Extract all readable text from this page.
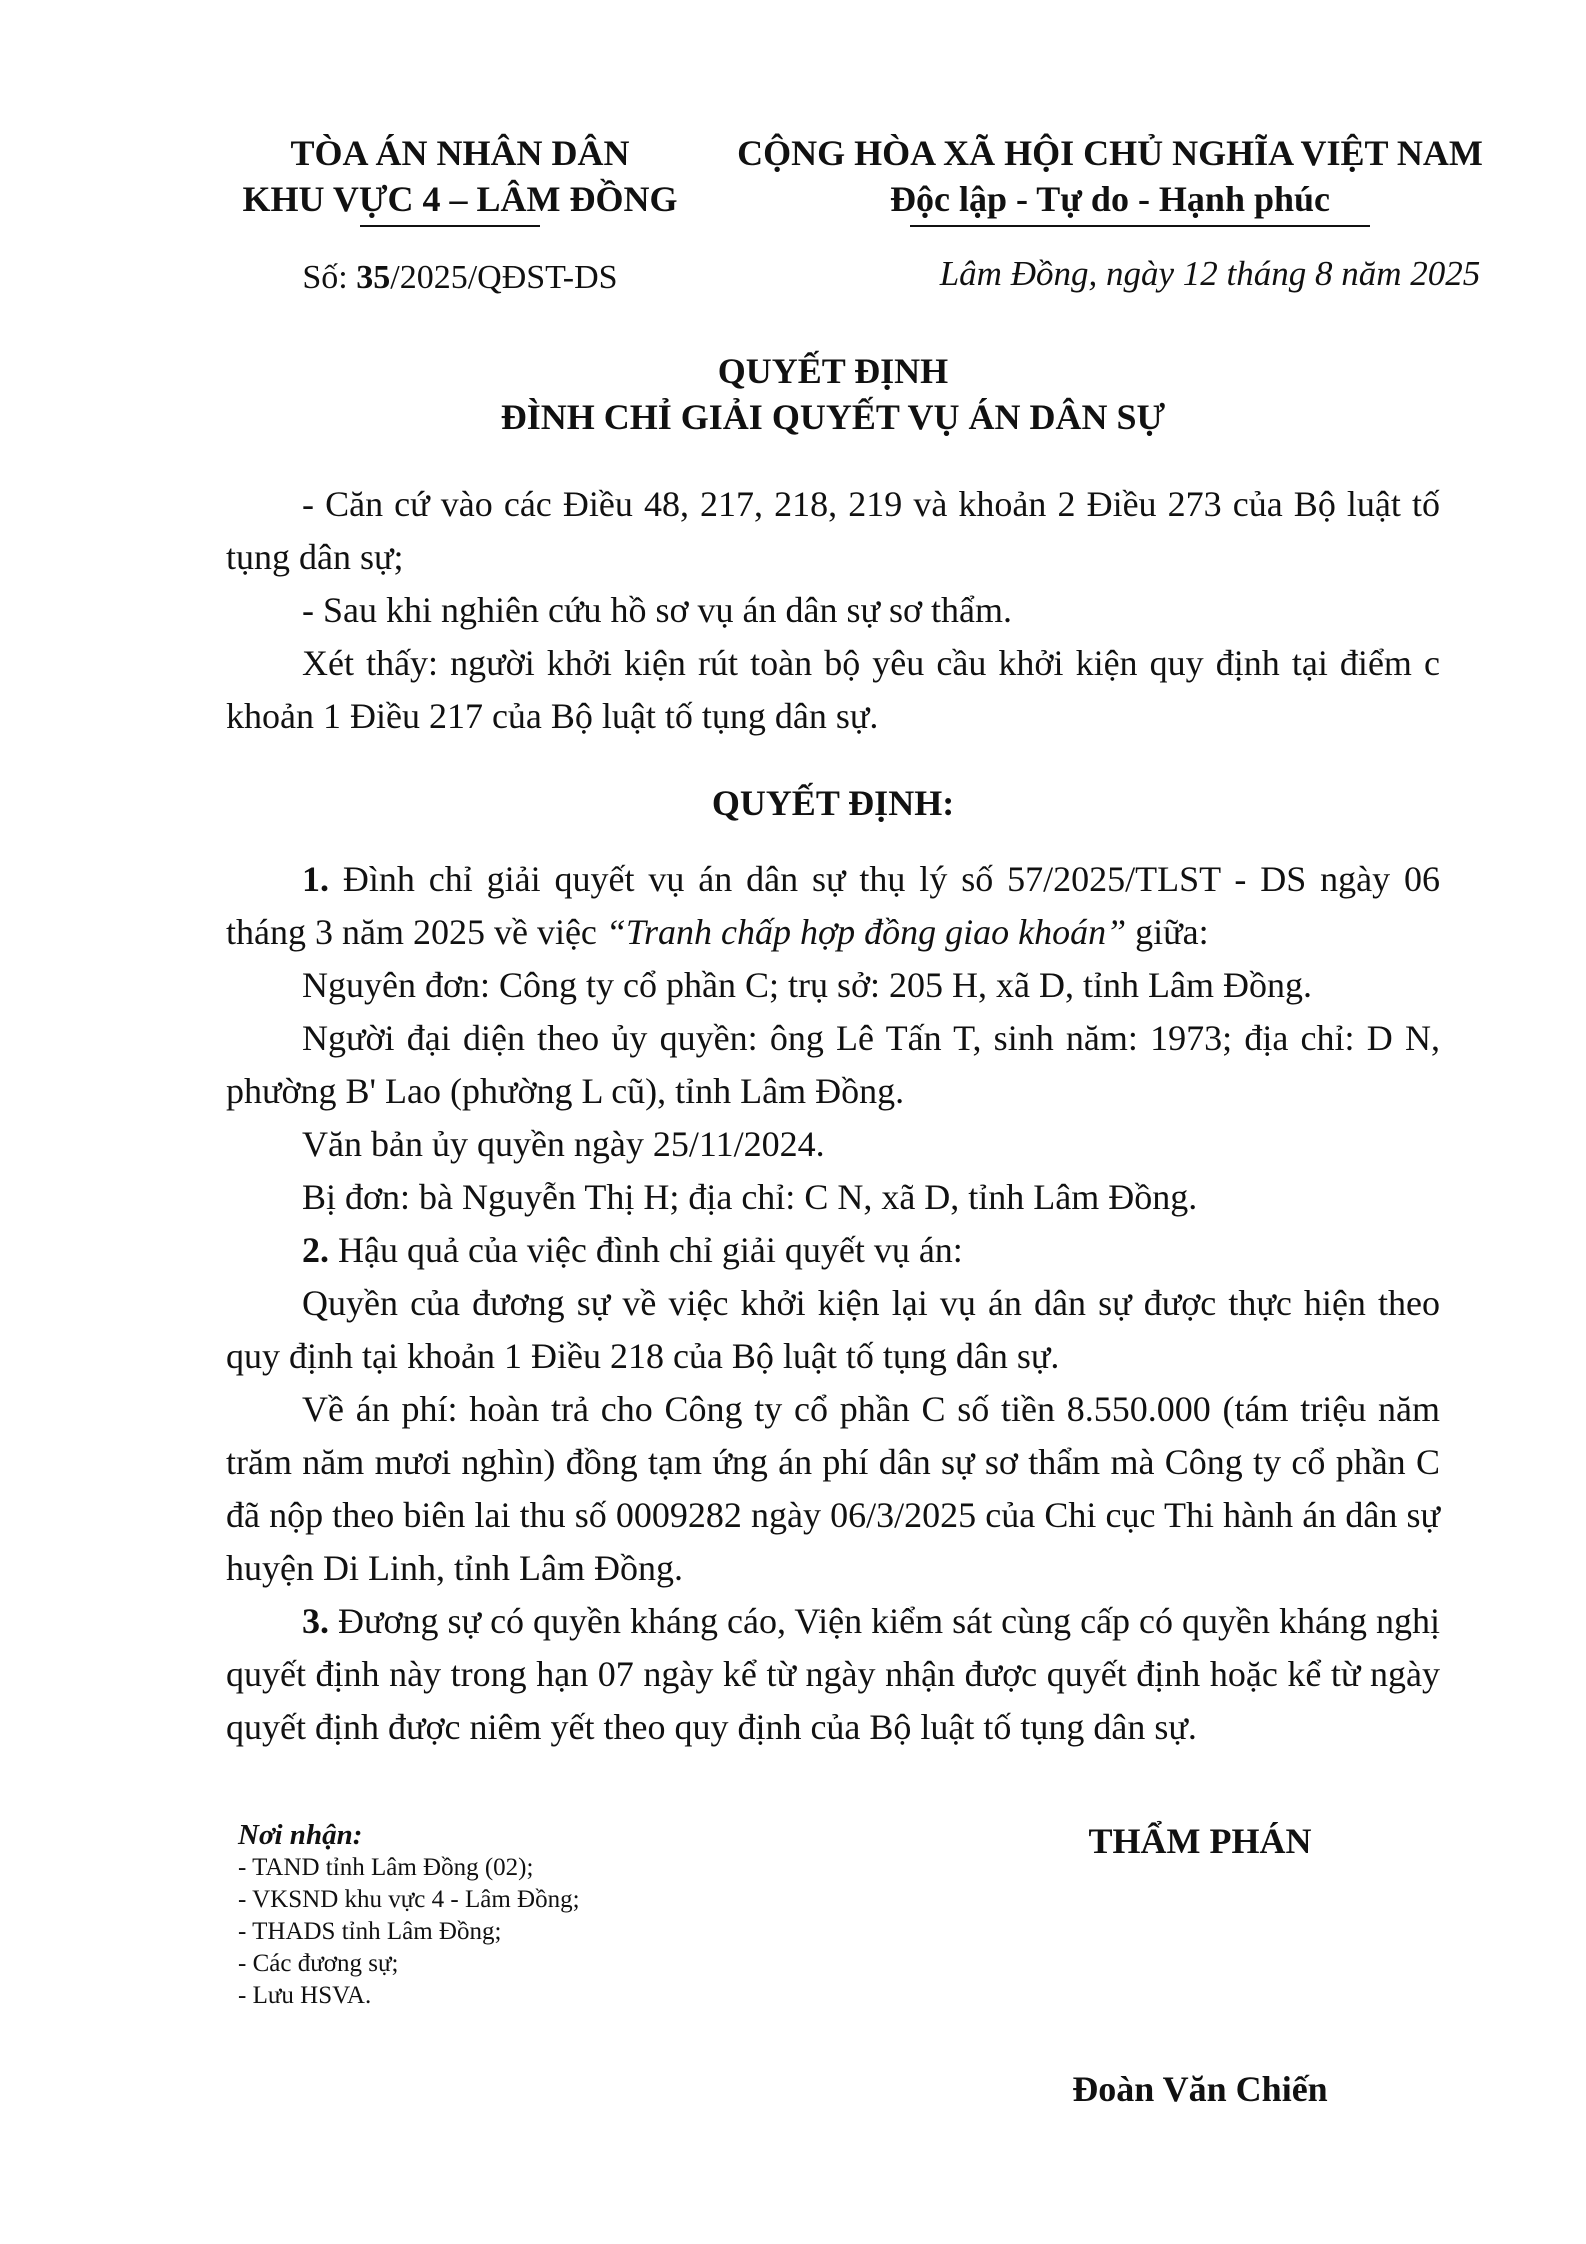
TÒA ÁN NHÂN DÂN
KHU VỰC 4 – LÂM ĐỒNG
CỘNG HÒA XÃ HỘI CHỦ NGHĨA VIỆT NAM
Độc lập - Tự do - Hạnh phúc
Số: 35/2025/QĐST-DS	Lâm Đồng, ngày 12 tháng 8 năm 2025
QUYẾT ĐỊNH
ĐÌNH CHỈ GIẢI QUYẾT VỤ ÁN DÂN SỰ
- Căn cứ vào các Điều 48, 217, 218, 219 và khoản 2 Điều 273 của Bộ luật tố tụng dân sự;
- Sau khi nghiên cứu hồ sơ vụ án dân sự sơ thẩm.
Xét thấy: người khởi kiện rút toàn bộ yêu cầu khởi kiện quy định tại điểm c khoản 1 Điều 217 của Bộ luật tố tụng dân sự.
QUYẾT ĐỊNH:
1. Đình chỉ giải quyết vụ án dân sự thụ lý số 57/2025/TLST - DS ngày 06 tháng 3 năm 2025 về việc “Tranh chấp hợp đồng giao khoán” giữa:
Nguyên đơn: Công ty cổ phần C; trụ sở: 205 H, xã D, tỉnh Lâm Đồng.
Người đại diện theo ủy quyền: ông Lê Tấn T, sinh năm: 1973; địa chỉ: D N, phường B' Lao (phường L cũ), tỉnh Lâm Đồng.
Văn bản ủy quyền ngày 25/11/2024.
Bị đơn: bà Nguyễn Thị H; địa chỉ: C N, xã D, tỉnh Lâm Đồng.
2. Hậu quả của việc đình chỉ giải quyết vụ án:
Quyền của đương sự về việc khởi kiện lại vụ án dân sự được thực hiện theo quy định tại khoản 1 Điều 218 của Bộ luật tố tụng dân sự.
Về án phí: hoàn trả cho Công ty cổ phần C số tiền 8.550.000 (tám triệu năm trăm năm mươi nghìn) đồng tạm ứng án phí dân sự sơ thẩm mà Công ty cổ phần C đã nộp theo biên lai thu số 0009282 ngày 06/3/2025 của Chi cục Thi hành án dân sự huyện Di Linh, tỉnh Lâm Đồng.
3. Đương sự có quyền kháng cáo, Viện kiểm sát cùng cấp có quyền kháng nghị quyết định này trong hạn 07 ngày kể từ ngày nhận được quyết định hoặc kể từ ngày quyết định được niêm yết theo quy định của Bộ luật tố tụng dân sự.
Nơi nhận:
- TAND tỉnh Lâm Đồng (02);
- VKSND khu vực 4 - Lâm Đồng;
- THADS tỉnh Lâm Đồng;
- Các đương sự;
- Lưu HSVA.
THẨM PHÁN
Đoàn Văn Chiến
